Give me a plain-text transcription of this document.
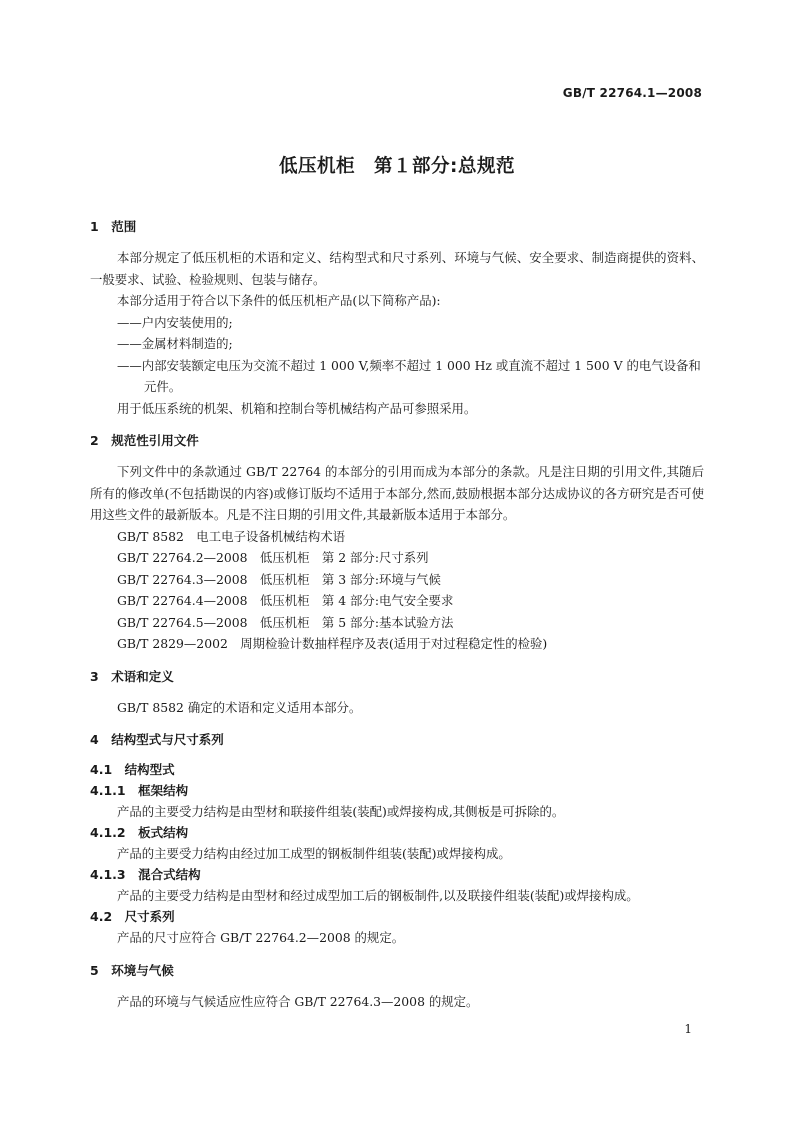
GB/T 22764.1—2008
低压机柜　第１部分:总规范
1　范围
本部分规定了低压机柜的术语和定义、结构型式和尺寸系列、环境与气候、安全要求、制造商提供的资料、一般要求、试验、检验规则、包装与储存。
本部分适用于符合以下条件的低压机柜产品(以下简称产品):
——户内安装使用的;
——金属材料制造的;
——内部安装额定电压为交流不超过 1 000 V,频率不超过 1 000 Hz 或直流不超过 1 500 V 的电气设备和元件。
用于低压系统的机架、机箱和控制台等机械结构产品可参照采用。
2　规范性引用文件
下列文件中的条款通过 GB/T 22764 的本部分的引用而成为本部分的条款。凡是注日期的引用文件,其随后所有的修改单(不包括勘误的内容)或修订版均不适用于本部分,然而,鼓励根据本部分达成协议的各方研究是否可使用这些文件的最新版本。凡是不注日期的引用文件,其最新版本适用于本部分。
GB/T 8582　电工电子设备机械结构术语
GB/T 22764.2—2008　低压机柜　第 2 部分:尺寸系列
GB/T 22764.3—2008　低压机柜　第 3 部分:环境与气候
GB/T 22764.4—2008　低压机柜　第 4 部分:电气安全要求
GB/T 22764.5—2008　低压机柜　第 5 部分:基本试验方法
GB/T 2829—2002　周期检验计数抽样程序及表(适用于对过程稳定性的检验)
3　术语和定义
GB/T 8582 确定的术语和定义适用本部分。
4　结构型式与尺寸系列
4.1　结构型式
4.1.1　框架结构
产品的主要受力结构是由型材和联接件组装(装配)或焊接构成,其侧板是可拆除的。
4.1.2　板式结构
产品的主要受力结构由经过加工成型的钢板制件组装(装配)或焊接构成。
4.1.3　混合式结构
产品的主要受力结构是由型材和经过成型加工后的钢板制件,以及联接件组装(装配)或焊接构成。
4.2　尺寸系列
产品的尺寸应符合 GB/T 22764.2—2008 的规定。
5　环境与气候
产品的环境与气候适应性应符合 GB/T 22764.3—2008 的规定。
1
